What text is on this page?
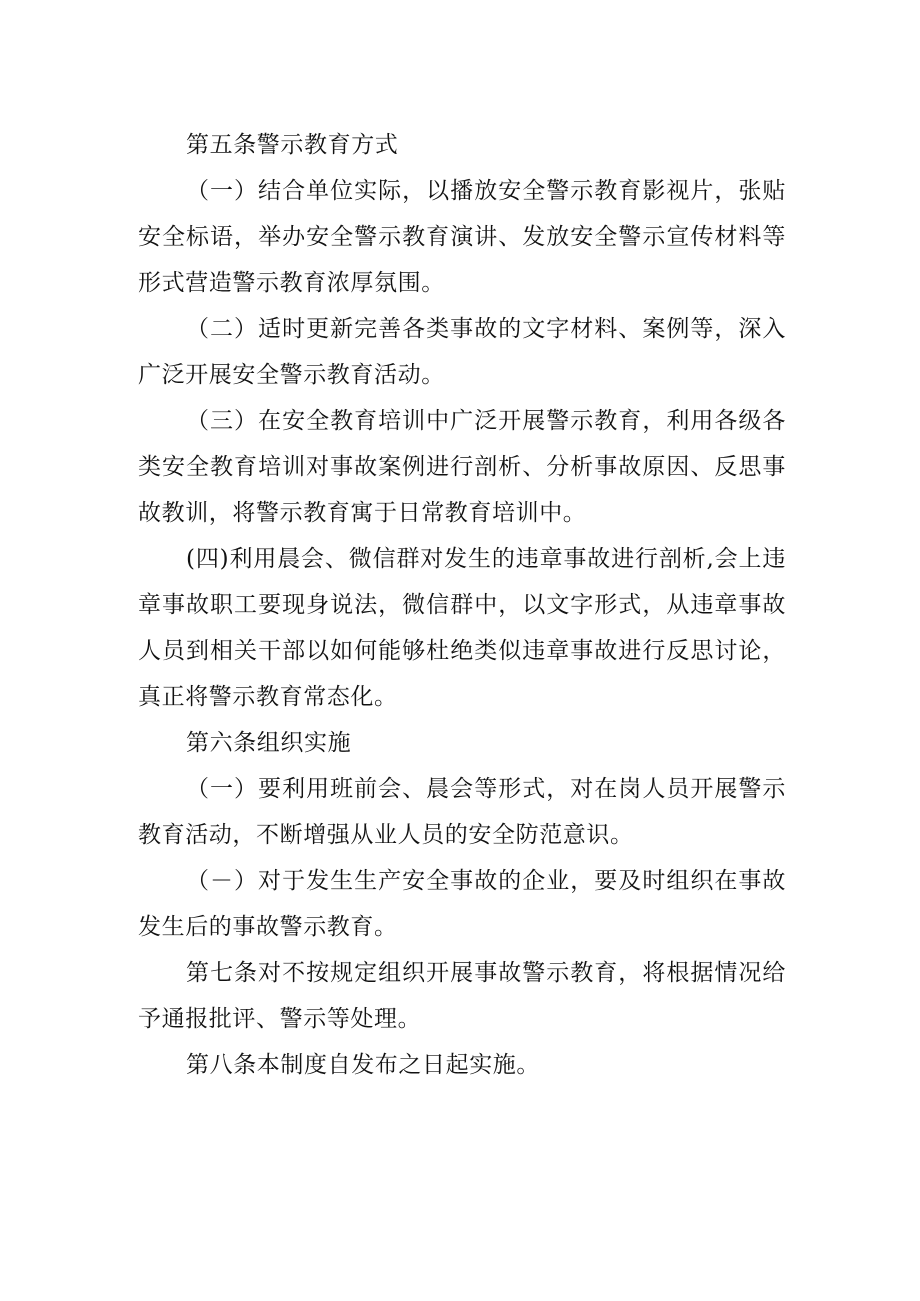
第五条警示教育方式

（一）结合单位实际，以播放安全警示教育影视片，张贴安全标语，举办安全警示教育演讲、发放安全警示宣传材料等形式营造警示教育浓厚氛围。

（二）适时更新完善各类事故的文字材料、案例等，深入广泛开展安全警示教育活动。

（三）在安全教育培训中广泛开展警示教育，利用各级各类安全教育培训对事故案例进行剖析、分析事故原因、反思事故教训，将警示教育寓于日常教育培训中。

(四)利用晨会、微信群对发生的违章事故进行剖析,会上违章事故职工要现身说法，微信群中，以文字形式，从违章事故人员到相关干部以如何能够杜绝类似违章事故进行反思讨论，真正将警示教育常态化。

第六条组织实施

（一）要利用班前会、晨会等形式，对在岗人员开展警示教育活动，不断增强从业人员的安全防范意识。

（－）对于发生生产安全事故的企业，要及时组织在事故发生后的事故警示教育。

第七条对不按规定组织开展事故警示教育，将根据情况给予通报批评、警示等处理。

第八条本制度自发布之日起实施。
